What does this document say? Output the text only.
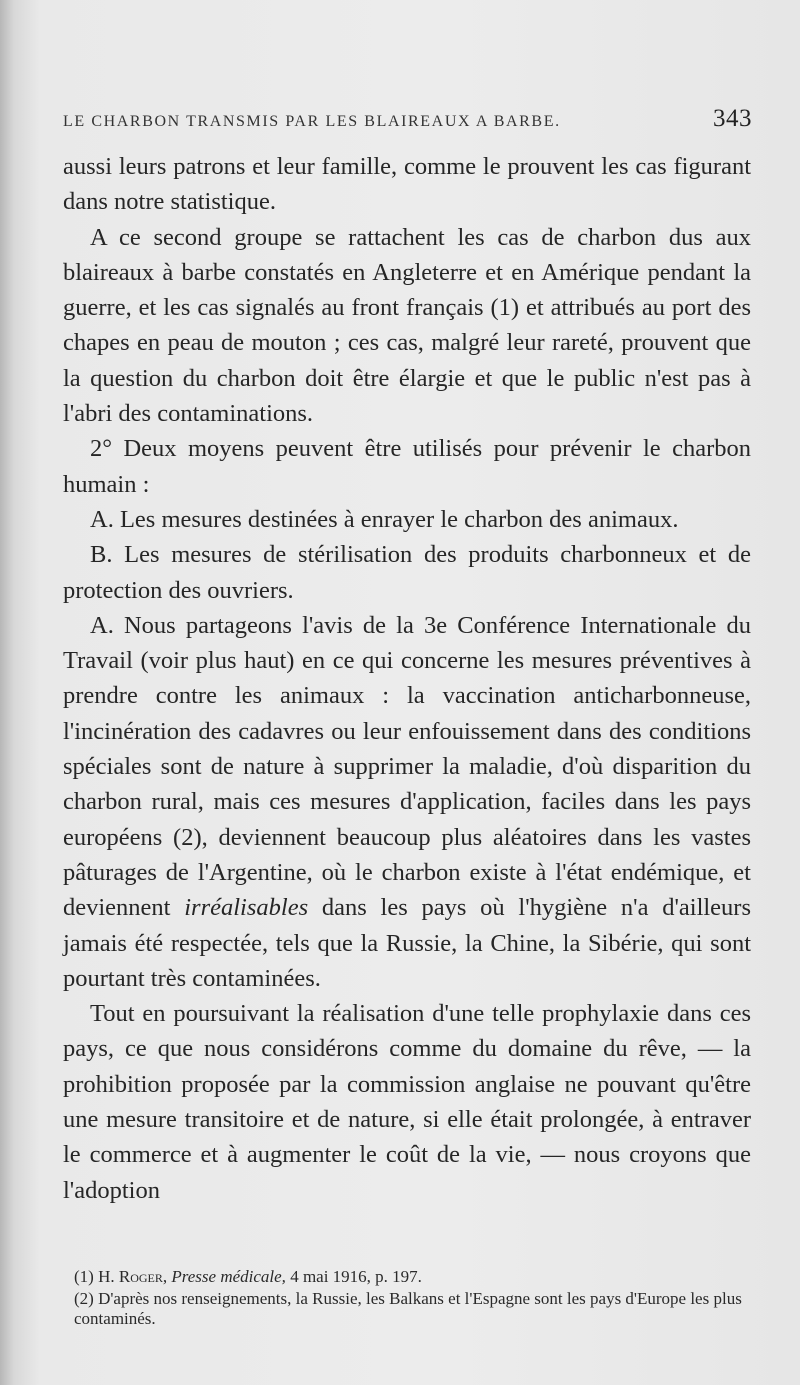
LE CHARBON TRANSMIS PAR LES BLAIREAUX A BARBE.	343

aussi leurs patrons et leur famille, comme le prouvent les cas figurant dans notre statistique.

A ce second groupe se rattachent les cas de charbon dus aux blaireaux à barbe constatés en Angleterre et en Amérique pendant la guerre, et les cas signalés au front français (1) et attribués au port des chapes en peau de mouton ; ces cas, malgré leur rareté, prouvent que la question du charbon doit être élargie et que le public n'est pas à l'abri des contaminations.

2° Deux moyens peuvent être utilisés pour prévenir le charbon humain :

A. Les mesures destinées à enrayer le charbon des animaux.

B. Les mesures de stérilisation des produits charbonneux et de protection des ouvriers.

A. Nous partageons l'avis de la 3e Conférence Internationale du Travail (voir plus haut) en ce qui concerne les mesures préventives à prendre contre les animaux : la vaccination anticharbonneuse, l'incinération des cadavres ou leur enfouissement dans des conditions spéciales sont de nature à supprimer la maladie, d'où disparition du charbon rural, mais ces mesures d'application, faciles dans les pays européens (2), deviennent beaucoup plus aléatoires dans les vastes pâturages de l'Argentine, où le charbon existe à l'état endémique, et deviennent irréalisables dans les pays où l'hygiène n'a d'ailleurs jamais été respectée, tels que la Russie, la Chine, la Sibérie, qui sont pourtant très contaminées.

Tout en poursuivant la réalisation d'une telle prophylaxie dans ces pays, ce que nous considérons comme du domaine du rêve, — la prohibition proposée par la commission anglaise ne pouvant qu'être une mesure transitoire et de nature, si elle était prolongée, à entraver le commerce et à augmenter le coût de la vie, — nous croyons que l'adoption

(1) H. Roger, Presse médicale, 4 mai 1916, p. 197.

(2) D'après nos renseignements, la Russie, les Balkans et l'Espagne sont les pays d'Europe les plus contaminés.
